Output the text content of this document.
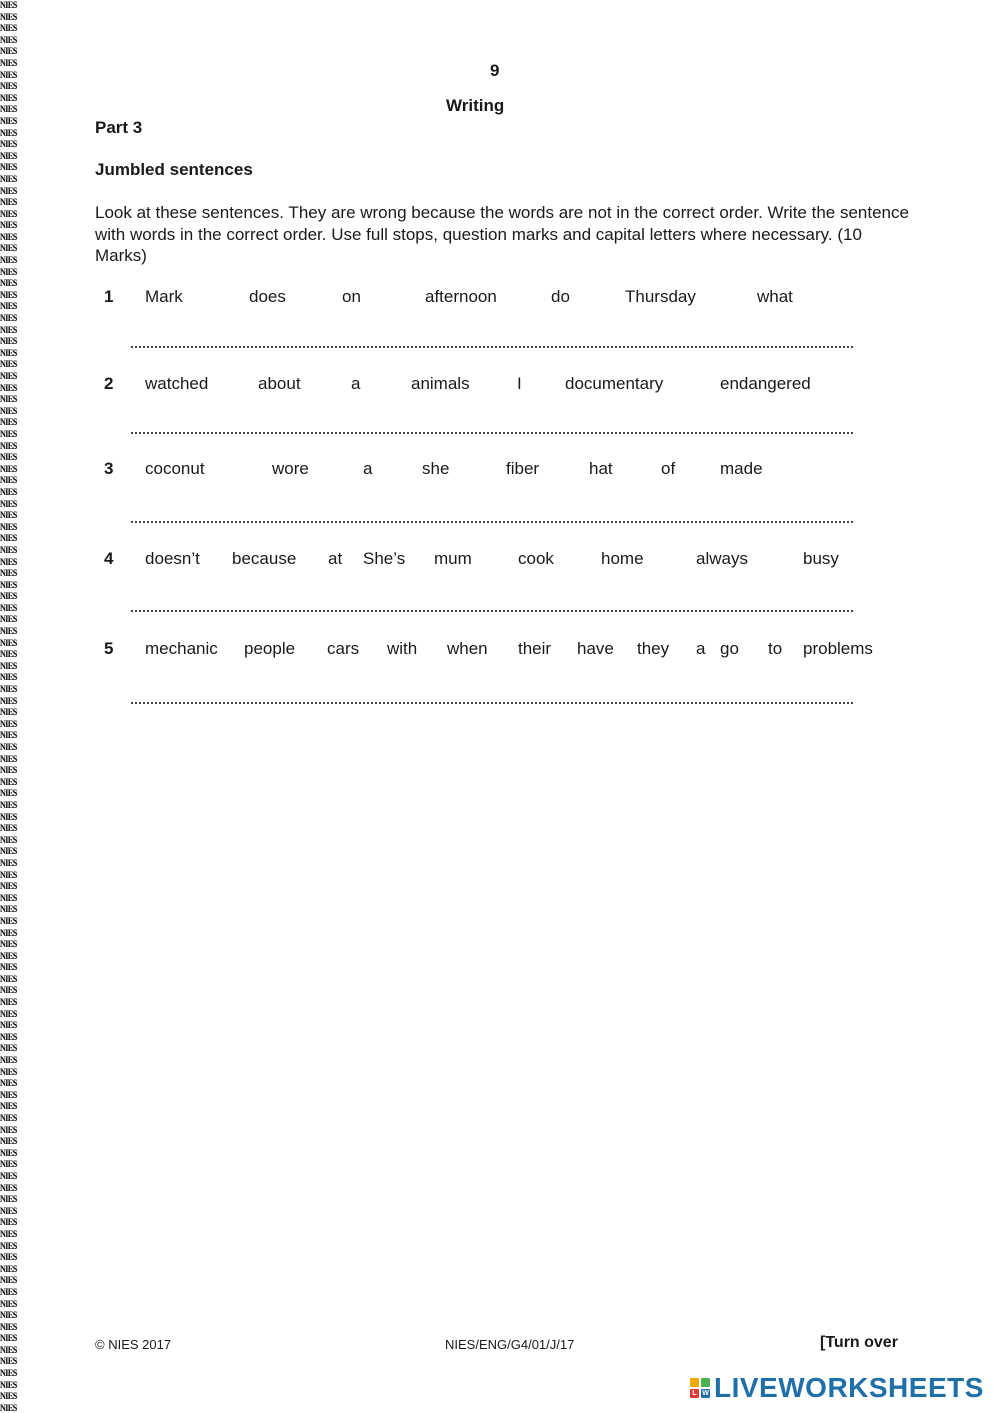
NIES
NIES
NIES
NIES
NIES
NIES
NIES
NIES
NIES
NIES
NIES
NIES
NIES
NIES
NIES
NIES
NIES
NIES
NIES
NIES
NIES
NIES
NIES
NIES
NIES
NIES
NIES
NIES
NIES
NIES
NIES
NIES
NIES
NIES
NIES
NIES
NIES
NIES
NIES
NIES
NIES
NIES
NIES
NIES
NIES
NIES
NIES
NIES
NIES
NIES
NIES
NIES
NIES
NIES
NIES
NIES
NIES
NIES
NIES
NIES
NIES
NIES
NIES
NIES
NIES
NIES
NIES
NIES
NIES
NIES
NIES
NIES
NIES
NIES
NIES
NIES
NIES
NIES
NIES
NIES
NIES
NIES
NIES
NIES
NIES
NIES
NIES
NIES
NIES
NIES
NIES
NIES
NIES
NIES
NIES
NIES
NIES
NIES
NIES
NIES
NIES
NIES
NIES
NIES
NIES
NIES
NIES
NIES
NIES
NIES
NIES
NIES
NIES
NIES
NIES
NIES
NIES
NIES
NIES
NIES
NIES
NIES
9
Writing
Part 3
Jumbled sentences
Look at these sentences. They are wrong because the words are not in the correct order. Write the sentence with words in the correct order. Use full stops, question marks and capital letters where necessary. (10 Marks)
1 Mark	does	on	afternoon	do	Thursday	what
2 watched	about	a	animals	I	documentary	endangered
3 coconut	wore	a	she	fiber	hat	of	made
4 doesn’t because at She’s mum	cook	home	always	busy
5 mechanic people cars with when their have they a go to problems
© NIES 2017	NIES/ENG/G4/01/J/17	[Turn over
L W LIVEWORKSHEETS
